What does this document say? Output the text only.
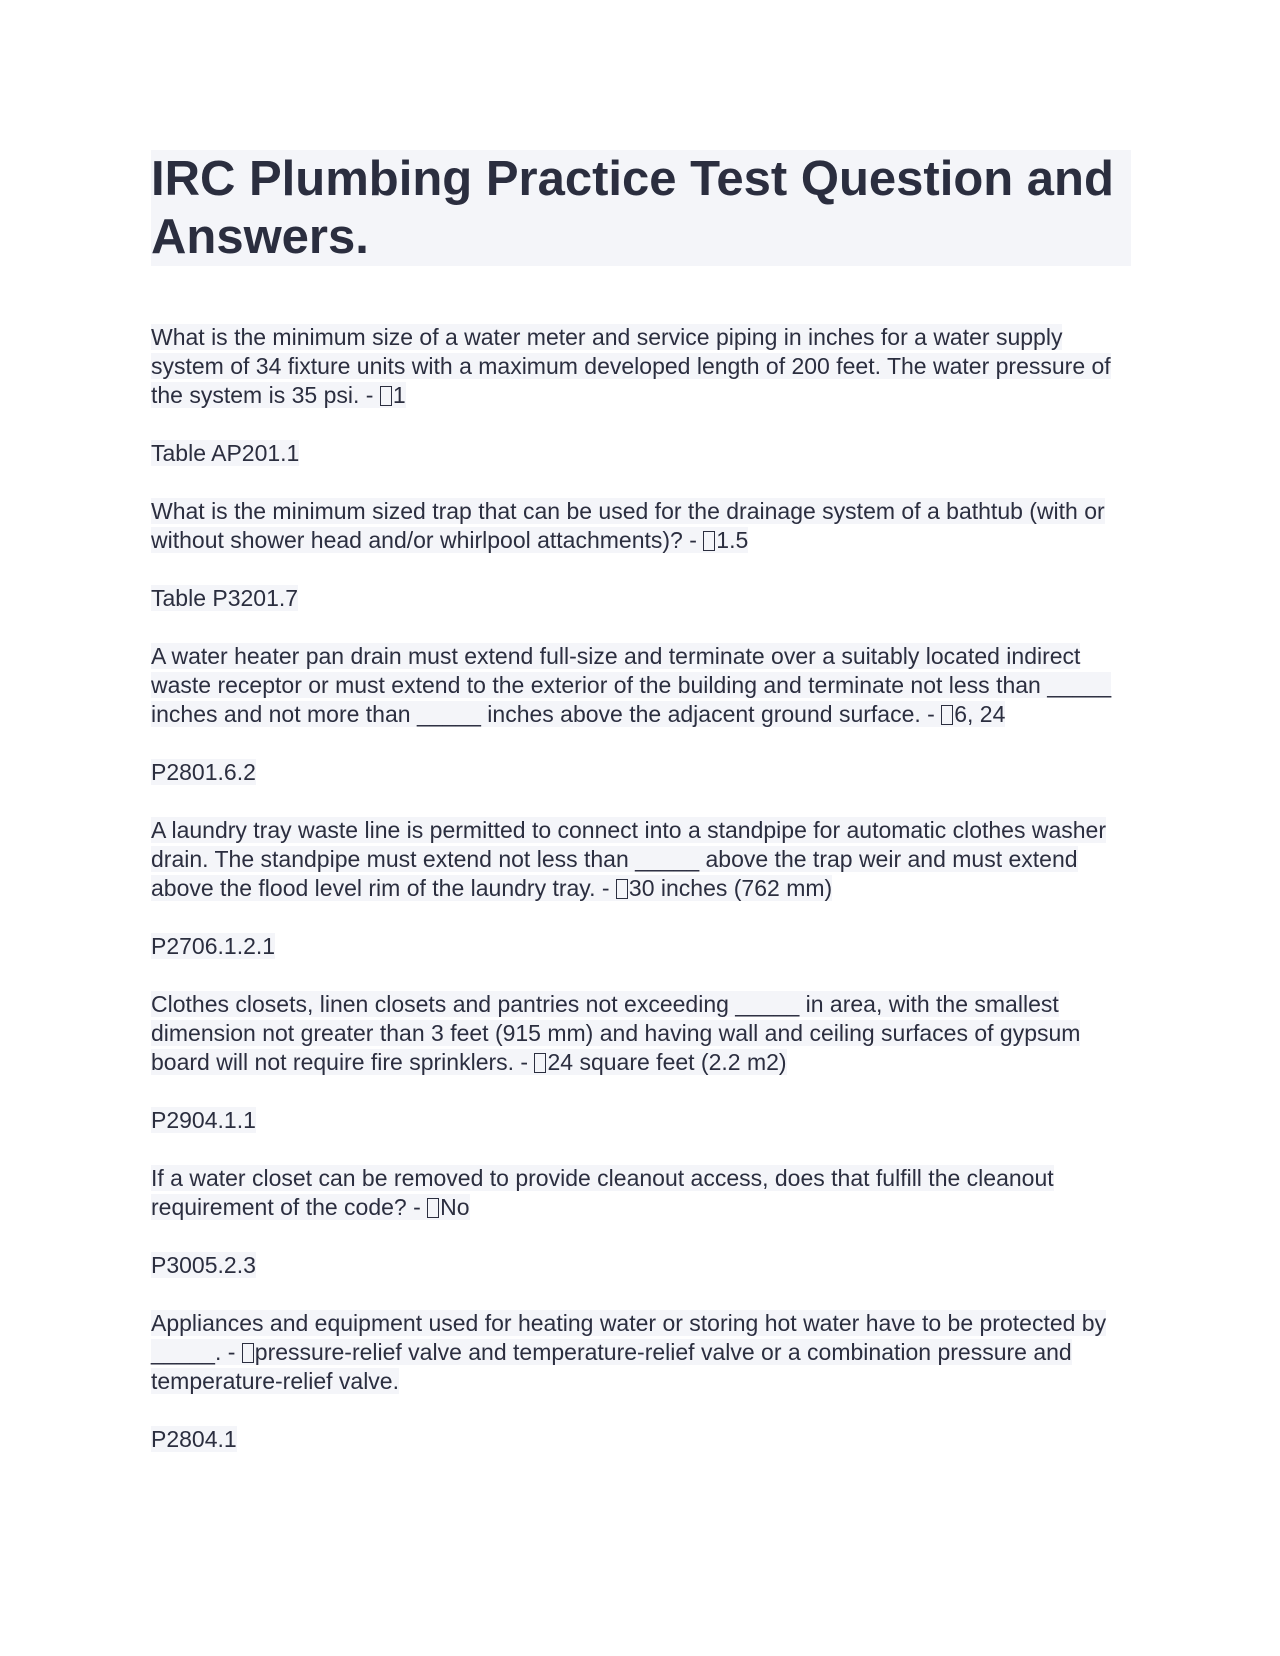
IRC Plumbing Practice Test Question and Answers.

What is the minimum size of a water meter and service piping in inches for a water supply system of 34 fixture units with a maximum developed length of 200 feet. The water pressure of the system is 35 psi. - 1

Table AP201.1

What is the minimum sized trap that can be used for the drainage system of a bathtub (with or without shower head and/or whirlpool attachments)? - 1.5

Table P3201.7

A water heater pan drain must extend full-size and terminate over a suitably located indirect waste receptor or must extend to the exterior of the building and terminate not less than _____ inches and not more than _____ inches above the adjacent ground surface. - 6, 24

P2801.6.2

A laundry tray waste line is permitted to connect into a standpipe for automatic clothes washer drain. The standpipe must extend not less than _____ above the trap weir and must extend above the flood level rim of the laundry tray. - 30 inches (762 mm)

P2706.1.2.1

Clothes closets, linen closets and pantries not exceeding _____ in area, with the smallest dimension not greater than 3 feet (915 mm) and having wall and ceiling surfaces of gypsum board will not require fire sprinklers. - 24 square feet (2.2 m2)

P2904.1.1

If a water closet can be removed to provide cleanout access, does that fulfill the cleanout requirement of the code? - No

P3005.2.3

Appliances and equipment used for heating water or storing hot water have to be protected by _____. - pressure-relief valve and temperature-relief valve or a combination pressure and temperature-relief valve.

P2804.1
